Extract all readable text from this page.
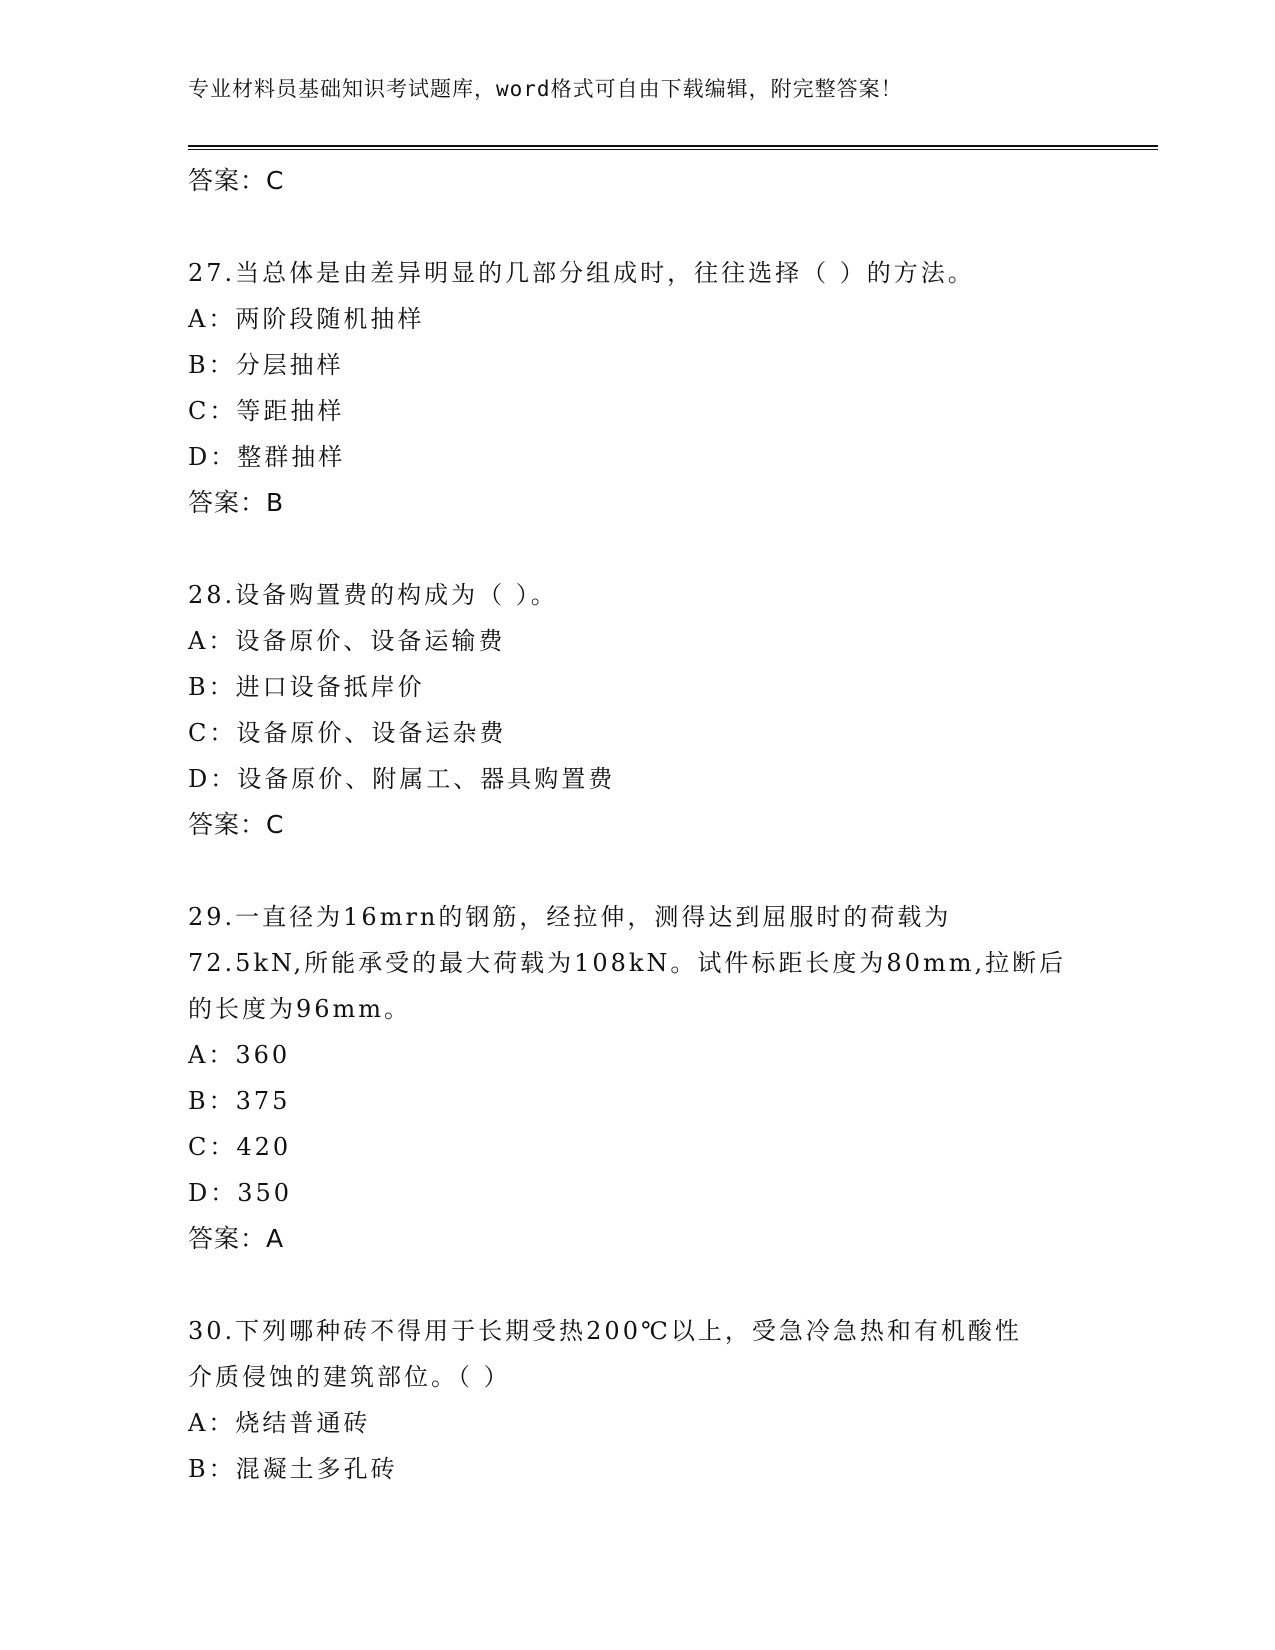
专业材料员基础知识考试题库，word格式可自由下载编辑，附完整答案！
答案：C
27.当总体是由差异明显的几部分组成时，往往选择（ ）的方法。
A：两阶段随机抽样
B：分层抽样
C：等距抽样
D：整群抽样
答案：B
28.设备购置费的构成为（ ）。
A：设备原价、设备运输费
B：进口设备抵岸价
C：设备原价、设备运杂费
D：设备原价、附属工、器具购置费
答案：C
29.一直径为16mrn的钢筋，经拉伸，测得达到屈服时的荷载为
72.5kN,所能承受的最大荷载为108kN。试件标距长度为80mm,拉断后
的长度为96mm。
A：360
B：375
C：420
D：350
答案：A
30.下列哪种砖不得用于长期受热200℃以上，受急冷急热和有机酸性
介质侵蚀的建筑部位。（ ）
A：烧结普通砖
B：混凝土多孔砖
